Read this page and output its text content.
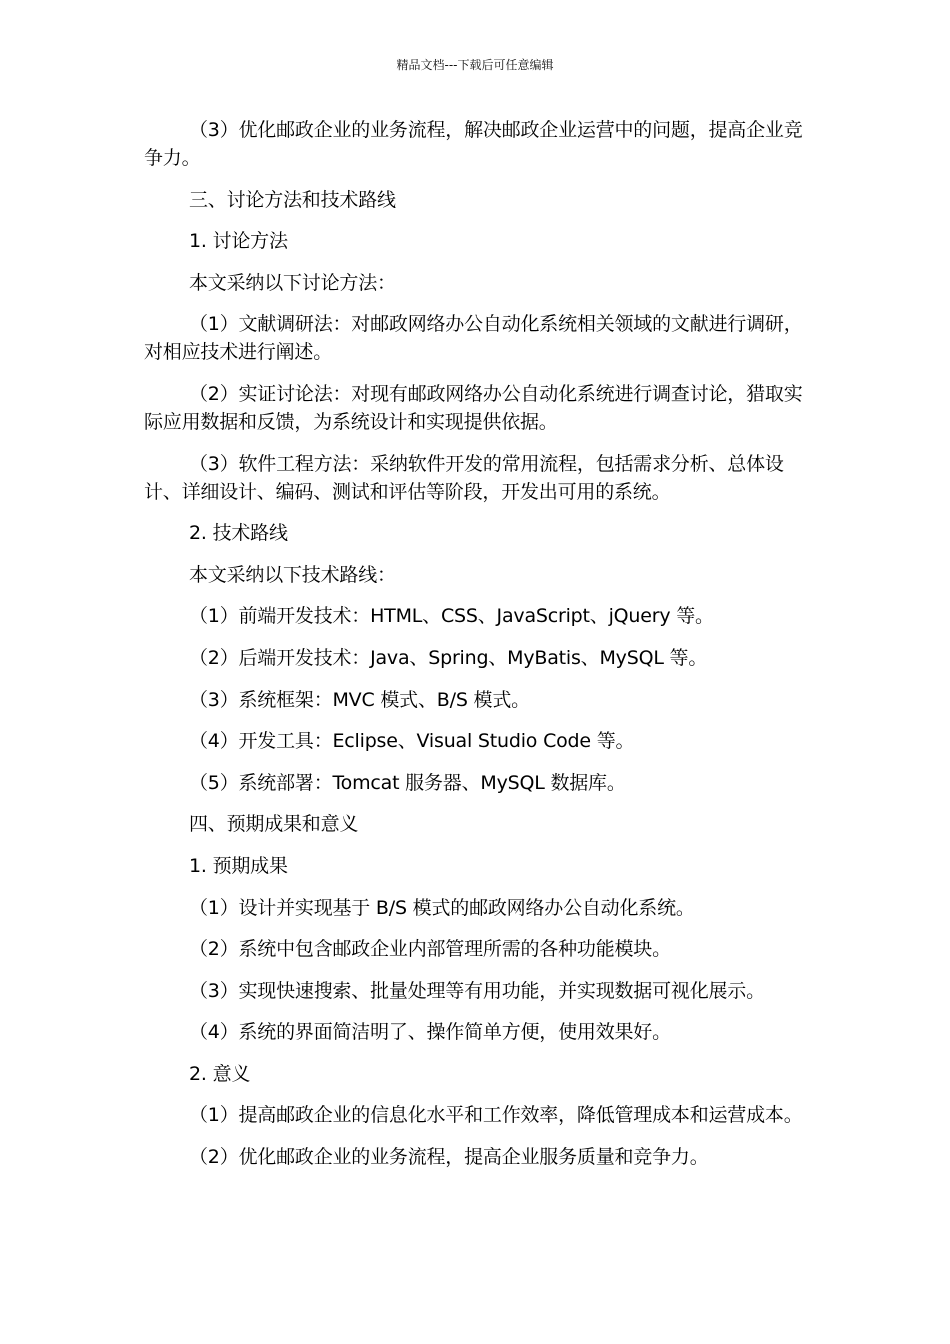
精品文档---下载后可任意编辑

（3）优化邮政企业的业务流程，解决邮政企业运营中的问题，提高企业竞争力。

三、讨论方法和技术路线

1. 讨论方法

本文采纳以下讨论方法：

（1）文献调研法：对邮政网络办公自动化系统相关领域的文献进行调研，对相应技术进行阐述。

（2）实证讨论法：对现有邮政网络办公自动化系统进行调查讨论，猎取实际应用数据和反馈，为系统设计和实现提供依据。

（3）软件工程方法：采纳软件开发的常用流程，包括需求分析、总体设计、详细设计、编码、测试和评估等阶段，开发出可用的系统。

2. 技术路线

本文采纳以下技术路线：

（1）前端开发技术：HTML、CSS、JavaScript、jQuery 等。

（2）后端开发技术：Java、Spring、MyBatis、MySQL 等。

（3）系统框架：MVC 模式、B/S 模式。

（4）开发工具：Eclipse、Visual Studio Code 等。

（5）系统部署：Tomcat 服务器、MySQL 数据库。

四、预期成果和意义

1. 预期成果

（1）设计并实现基于 B/S 模式的邮政网络办公自动化系统。

（2）系统中包含邮政企业内部管理所需的各种功能模块。

（3）实现快速搜索、批量处理等有用功能，并实现数据可视化展示。

（4）系统的界面简洁明了、操作简单方便，使用效果好。

2. 意义

（1）提高邮政企业的信息化水平和工作效率，降低管理成本和运营成本。

（2）优化邮政企业的业务流程，提高企业服务质量和竞争力。
